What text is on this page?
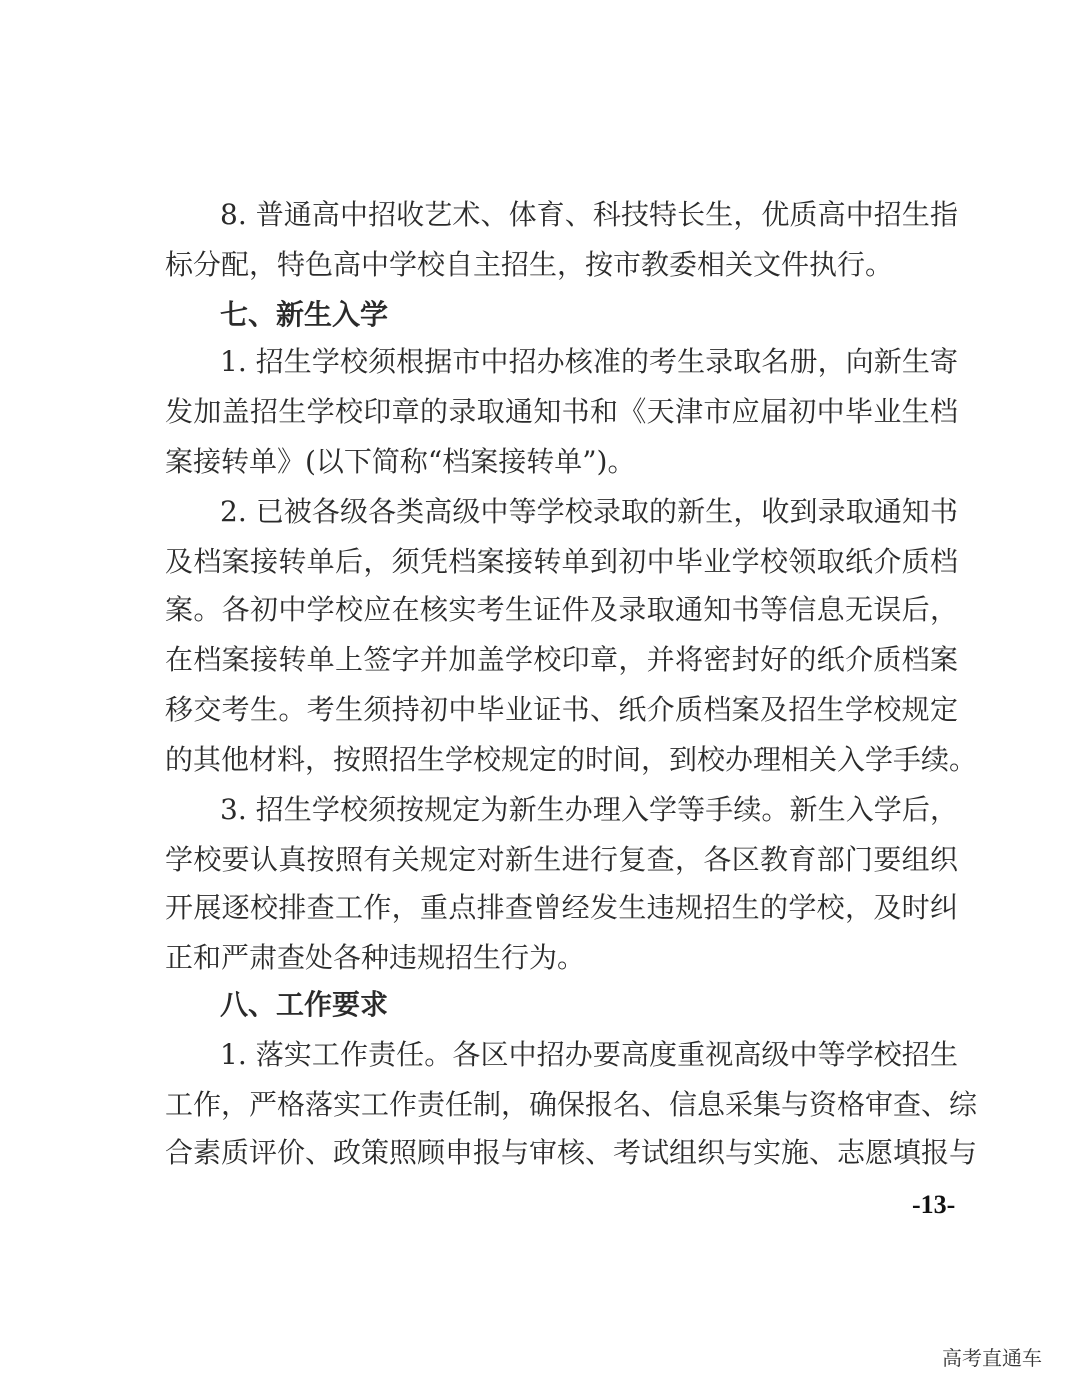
8. 普通高中招收艺术、体育、科技特长生，优质高中招生指
标分配，特色高中学校自主招生，按市教委相关文件执行。
七、新生入学
1. 招生学校须根据市中招办核准的考生录取名册，向新生寄
发加盖招生学校印章的录取通知书和《天津市应届初中毕业生档
案接转单》(以下简称“档案接转单”)。
2. 已被各级各类高级中等学校录取的新生，收到录取通知书
及档案接转单后，须凭档案接转单到初中毕业学校领取纸介质档
案。各初中学校应在核实考生证件及录取通知书等信息无误后，
在档案接转单上签字并加盖学校印章，并将密封好的纸介质档案
移交考生。考生须持初中毕业证书、纸介质档案及招生学校规定
的其他材料，按照招生学校规定的时间，到校办理相关入学手续。
3. 招生学校须按规定为新生办理入学等手续。新生入学后，
学校要认真按照有关规定对新生进行复查，各区教育部门要组织
开展逐校排查工作，重点排查曾经发生违规招生的学校，及时纠
正和严肃查处各种违规招生行为。
八、工作要求
1. 落实工作责任。各区中招办要高度重视高级中等学校招生
工作，严格落实工作责任制，确保报名、信息采集与资格审查、综
合素质评价、政策照顾申报与审核、考试组织与实施、志愿填报与
-13-
高考直通车
